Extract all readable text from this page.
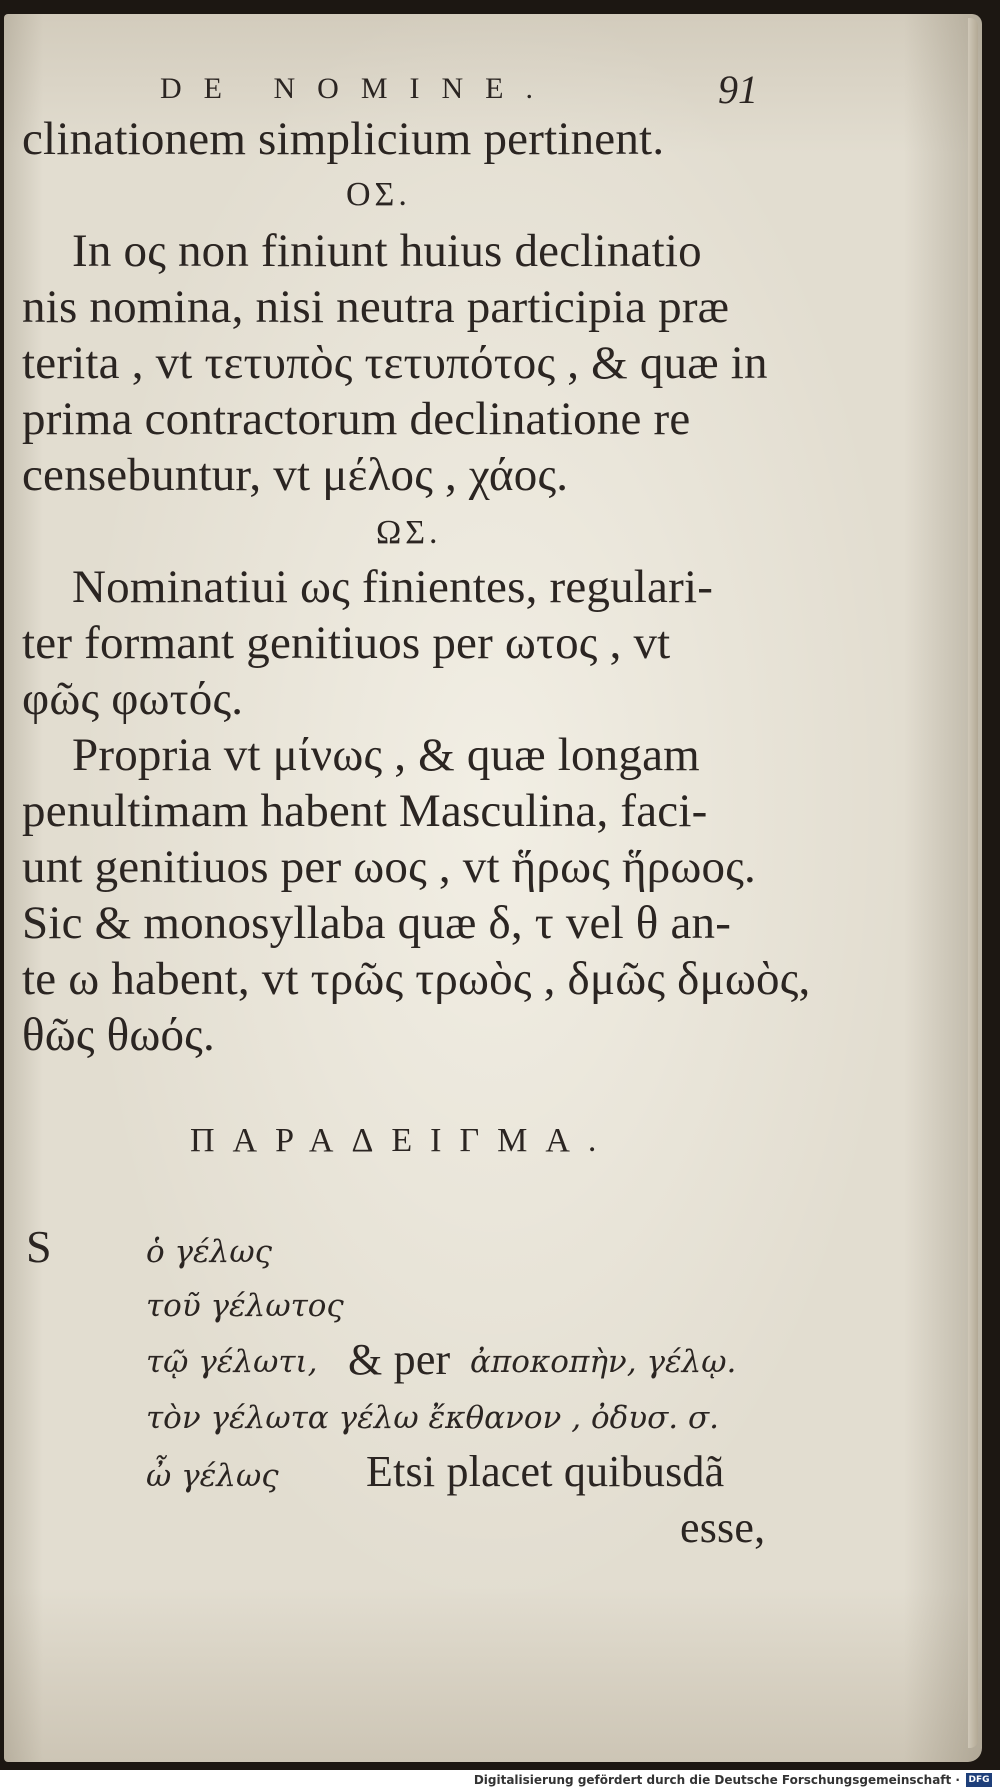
DE NOMINE.	91
clinationem simplicium pertinent.
ΟΣ.
In ος non finiunt huius declinatio
nis nomina, nisi neutra participia præ
terita , vt τετυπὸς τετυπότος , & quæ in
prima contractorum declinatione re
censebuntur, vt μέλος , χάος.
ΩΣ.
Nominatiui ως finientes, regulari-
ter formant genitiuos per ωτος , vt
φῶς φωτός.
Propria vt μίνως , & quæ longam
penultimam habent Masculina, faci-
unt genitiuos per ωος , vt ἥρως ἥρωος.
Sic & monosyllaba quæ δ, τ vel θ an-
te ω habent, vt τρῶς τρωὸς , δμῶς δμωὸς,
θῶς θωός.
ΠΑΡΑΔΕΙΓΜΑ.
S	ὁ γέλως
τοῦ γέλωτος
τῷ γέλωτι, & per ἀποκοπὴν, γέλῳ.
τὸν γέλωτα γέλω ἔκθανον , ὀδυσ. σ.
ὦ γέλως Etsi placet quibusdã
esse,
Digitalisierung gefördert durch die Deutsche Forschungsgemeinschaft · DFG
